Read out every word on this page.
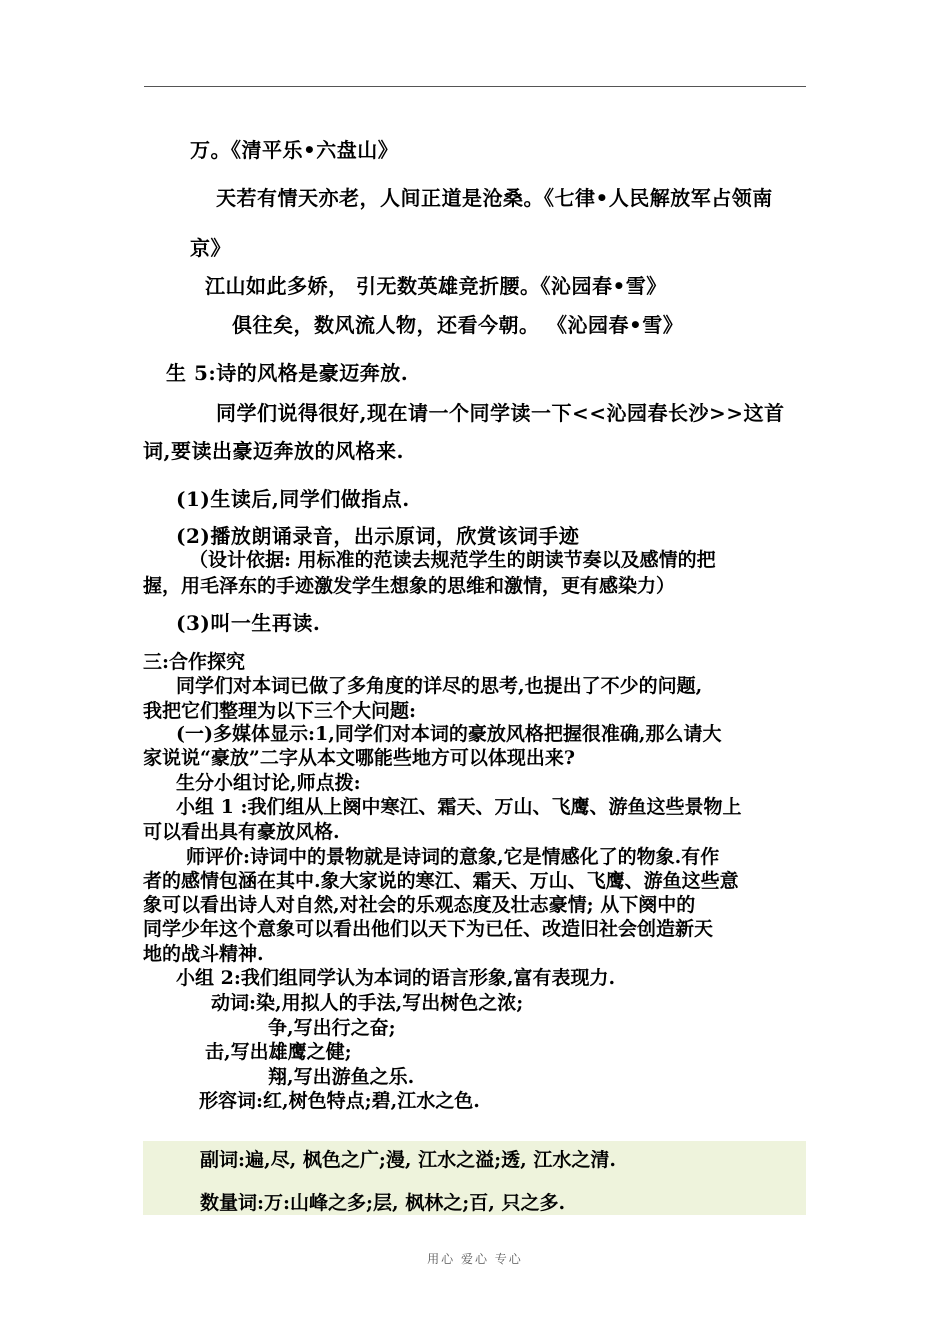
万。《清平乐•六盘山》
天若有情天亦老，人间正道是沧桑。《七律•人民解放军占领南
京》
江山如此多娇， 引无数英雄竞折腰。《沁园春•雪》
俱往矣，数风流人物，还看今朝。 《沁园春•雪》
生 5:诗的风格是豪迈奔放.
同学们说得很好,现在请一个同学读一下<<沁园春长沙>>这首
词,要读出豪迈奔放的风格来.
(1)生读后,同学们做指点.
(2)播放朗诵录音，出示原词，欣赏该词手迹
（设计依据: 用标准的范读去规范学生的朗读节奏以及感情的把
握，用毛泽东的手迹激发学生想象的思维和激情，更有感染力）
(3)叫一生再读.
三:合作探究
同学们对本词已做了多角度的详尽的思考,也提出了不少的问题,
我把它们整理为以下三个大问题:
(一)多媒体显示:1,同学们对本词的豪放风格把握很准确,那么请大
家说说“豪放”二字从本文哪能些地方可以体现出来?
生分小组讨论,师点拨:
小组 1 :我们组从上阕中寒江、霜天、万山、飞鹰、游鱼这些景物上
可以看出具有豪放风格.
师评价:诗词中的景物就是诗词的意象,它是情感化了的物象.有作
者的感情包涵在其中.象大家说的寒江、霜天、万山、飞鹰、游鱼这些意
象可以看出诗人对自然,对社会的乐观态度及壮志豪情; 从下阕中的
同学少年这个意象可以看出他们以天下为已任、改造旧社会创造新天
地的战斗精神.
小组 2:我们组同学认为本词的语言形象,富有表现力.
动词:染,用拟人的手法,写出树色之浓;
争,写出行之奋;
击,写出雄鹰之健;
翔,写出游鱼之乐.
形容词:红,树色特点;碧,江水之色.
副词:遍,尽, 枫色之广;漫, 江水之溢;透, 江水之清.
数量词:万:山峰之多;层, 枫林之;百, 只之多.
用心 爱心 专心
